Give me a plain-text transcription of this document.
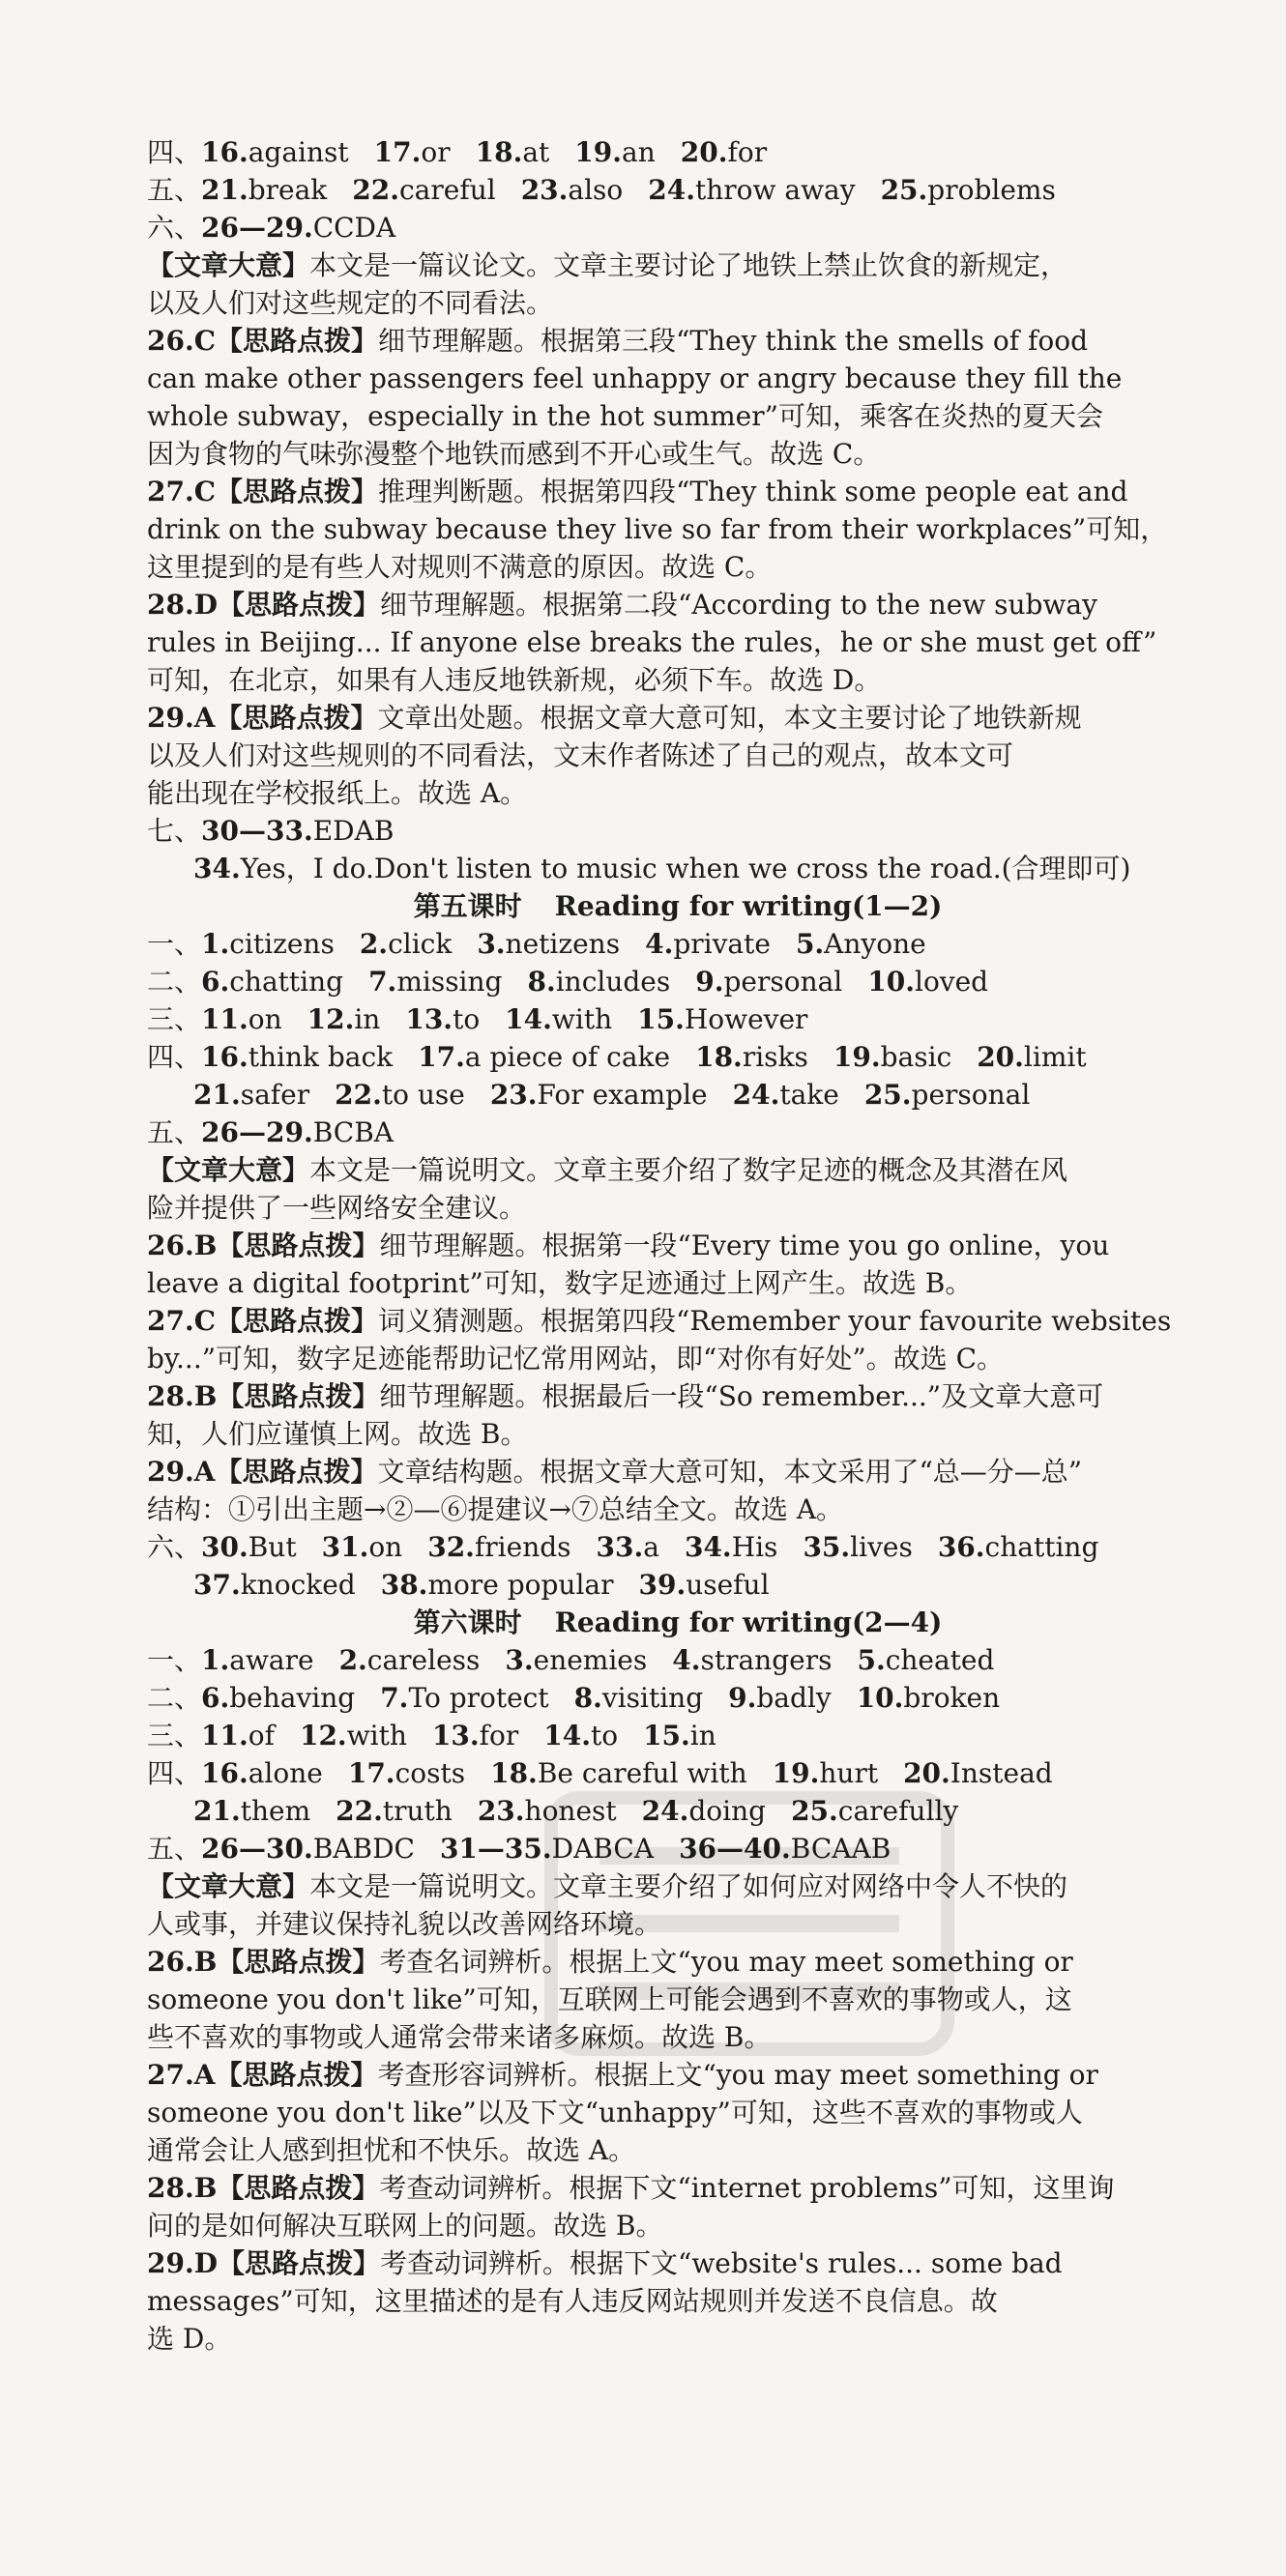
四、16.against 17.or 18.at 19.an 20.for
五、21.break 22.careful 23.also 24.throw away 25.problems
六、26—29.CCDA
【文章大意】本文是一篇议论文。文章主要讨论了地铁上禁止饮食的新规定，
以及人们对这些规定的不同看法。
26.C【思路点拨】细节理解题。根据第三段“They think the smells of food
can make other passengers feel unhappy or angry because they fill the
whole subway，especially in the hot summer”可知，乘客在炎热的夏天会
因为食物的气味弥漫整个地铁而感到不开心或生气。故选 C。
27.C【思路点拨】推理判断题。根据第四段“They think some people eat and
drink on the subway because they live so far from their workplaces”可知，
这里提到的是有些人对规则不满意的原因。故选 C。
28.D【思路点拨】细节理解题。根据第二段“According to the new subway
rules in Beijing... If anyone else breaks the rules，he or she must get off”
可知，在北京，如果有人违反地铁新规，必须下车。故选 D。
29.A【思路点拨】文章出处题。根据文章大意可知，本文主要讨论了地铁新规
以及人们对这些规则的不同看法，文末作者陈述了自己的观点，故本文可
能出现在学校报纸上。故选 A。
七、30—33.EDAB
34.Yes，I do.Don't listen to music when we cross the road.(合理即可)
第五课时 Reading for writing(1—2)
一、1.citizens 2.click 3.netizens 4.private 5.Anyone
二、6.chatting 7.missing 8.includes 9.personal 10.loved
三、11.on 12.in 13.to 14.with 15.However
四、16.think back 17.a piece of cake 18.risks 19.basic 20.limit
21.safer 22.to use 23.For example 24.take 25.personal
五、26—29.BCBA
【文章大意】本文是一篇说明文。文章主要介绍了数字足迹的概念及其潜在风
险并提供了一些网络安全建议。
26.B【思路点拨】细节理解题。根据第一段“Every time you go online，you
leave a digital footprint”可知，数字足迹通过上网产生。故选 B。
27.C【思路点拨】词义猜测题。根据第四段“Remember your favourite websites
by...”可知，数字足迹能帮助记忆常用网站，即“对你有好处”。故选 C。
28.B【思路点拨】细节理解题。根据最后一段“So remember...”及文章大意可
知，人们应谨慎上网。故选 B。
29.A【思路点拨】文章结构题。根据文章大意可知，本文采用了“总—分—总”
结构：①引出主题→②—⑥提建议→⑦总结全文。故选 A。
六、30.But 31.on 32.friends 33.a 34.His 35.lives 36.chatting
37.knocked 38.more popular 39.useful
第六课时 Reading for writing(2—4)
一、1.aware 2.careless 3.enemies 4.strangers 5.cheated
二、6.behaving 7.To protect 8.visiting 9.badly 10.broken
三、11.of 12.with 13.for 14.to 15.in
四、16.alone 17.costs 18.Be careful with 19.hurt 20.Instead
21.them 22.truth 23.honest 24.doing 25.carefully
五、26—30.BABDC 31—35.DABCA 36—40.BCAAB
【文章大意】本文是一篇说明文。文章主要介绍了如何应对网络中令人不快的
人或事，并建议保持礼貌以改善网络环境。
26.B【思路点拨】考查名词辨析。根据上文“you may meet something or
someone you don't like”可知，互联网上可能会遇到不喜欢的事物或人，这
些不喜欢的事物或人通常会带来诸多麻烦。故选 B。
27.A【思路点拨】考查形容词辨析。根据上文“you may meet something or
someone you don't like”以及下文“unhappy”可知，这些不喜欢的事物或人
通常会让人感到担忧和不快乐。故选 A。
28.B【思路点拨】考查动词辨析。根据下文“internet problems”可知，这里询
问的是如何解决互联网上的问题。故选 B。
29.D【思路点拨】考查动词辨析。根据下文“website's rules... some bad
messages”可知，这里描述的是有人违反网站规则并发送不良信息。故
选 D。
